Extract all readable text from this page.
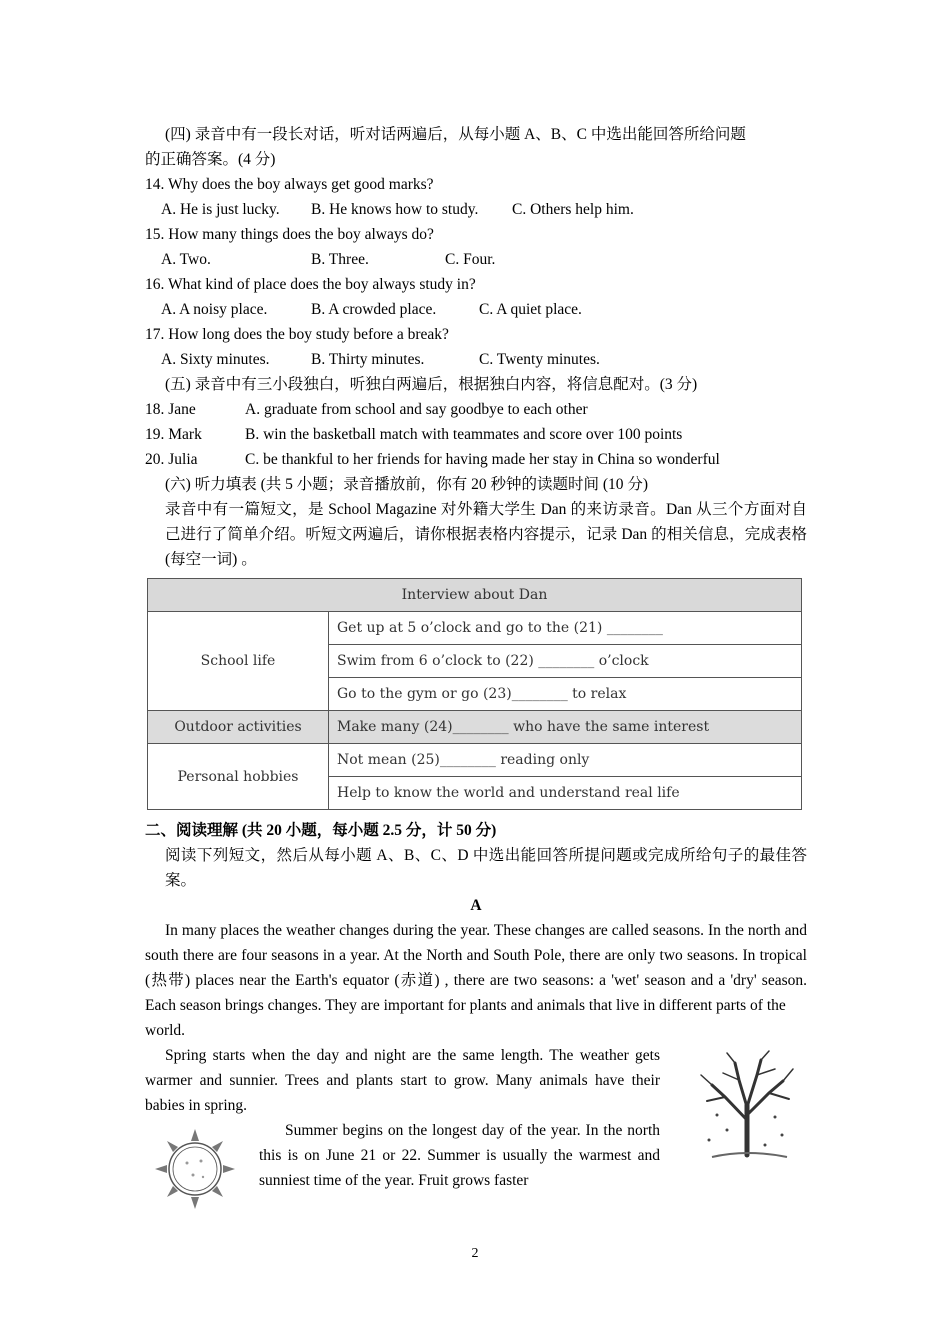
(四) 录音中有一段长对话，听对话两遍后，从每小题 A、B、C 中选出能回答所给问题
的正确答案。(4 分)
14. Why does the boy always get good marks?
A. He is just lucky. B. He knows how to study. C. Others help him.
15. How many things does the boy always do?
A. Two.	B. Three.	C. Four.
16. What kind of place does the boy always study in?
A. A noisy place.	B. A crowded place.	C. A quiet place.
17. How long does the boy study before a break?
A. Sixty minutes.	B. Thirty minutes.	C. Twenty minutes.
(五) 录音中有三小段独白，听独白两遍后，根据独白内容，将信息配对。(3 分)
18. Jane	A. graduate from school and say goodbye to each other
19. Mark	B. win the basketball match with teammates and score over 100 points
20. Julia	C. be thankful to her friends for having made her stay in China so wonderful
(六) 听力填表 (共 5 小题；录音播放前，你有 20 秒钟的读题时间 (10 分)
录音中有一篇短文，是 School Magazine 对外籍大学生 Dan 的来访录音。Dan 从三个方面对自己进行了简单介绍。听短文两遍后，请你根据表格内容提示，记录 Dan 的相关信息，完成表格 (每空一词) 。
Interview about Dan	
School life	Get up at 5 o’clock and go to the (21) ________
	Swim from 6 o’clock to (22) ________ o’clock
	Go to the gym or go (23)________ to relax
Outdoor activities	Make many (24)________ who have the same interest
Personal hobbies	Not mean (25)________ reading only
	Help to know the world and understand real life
二、阅读理解 (共 20 小题，每小题 2.5 分，计 50 分)
阅读下列短文，然后从每小题 A、B、C、D 中选出能回答所提问题或完成所给句子的最佳答案。
A
In many places the weather changes during the year. These changes are called seasons. In the north and south there are four seasons in a year. At the North and South Pole, there are only two seasons. In tropical (热带) places near the Earth's equator (赤道) , there are two seasons: a 'wet' season and a 'dry' season. Each season brings changes. They are important for plants and animals that live in different parts of the
world.
Spring starts when the day and night are the same length. The weather gets warmer and sunnier. Trees and plants start to grow. Many animals have their babies in spring.
Summer begins on the longest day of the year. In the north this is on June 21 or 22. Summer is usually the warmest and sunniest time of the year. Fruit grows faster
2
